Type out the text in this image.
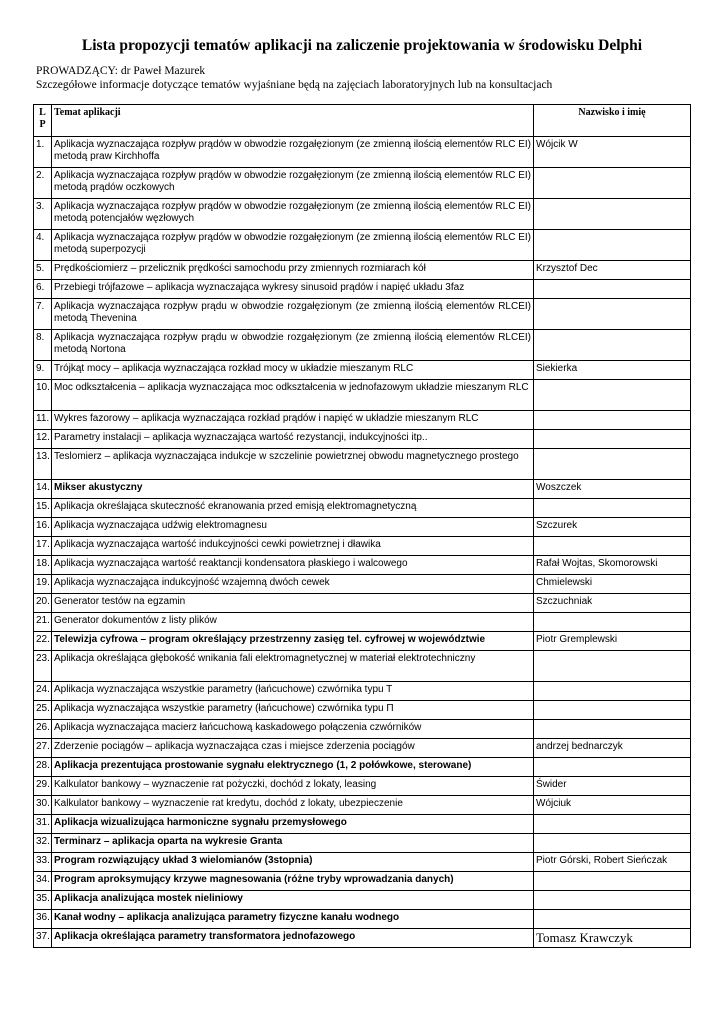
Lista propozycji tematów aplikacji na zaliczenie projektowania w środowisku Delphi
PROWADZĄCY: dr Paweł Mazurek
Szczegółowe informacje dotyczące tematów wyjaśniane będą na zajęciach laboratoryjnych lub na konsultacjach
L
P	Temat aplikacji	Nazwisko i imię
1.	Aplikacja wyznaczająca rozpływ prądów w obwodzie rozgałęzionym (ze zmienną ilością elementów RLC EI) metodą praw Kirchhoffa	Wójcik W
2.	Aplikacja wyznaczająca rozpływ prądów w obwodzie rozgałęzionym (ze zmienną ilością elementów RLC EI) metodą prądów oczkowych	
3.	Aplikacja wyznaczająca rozpływ prądów w obwodzie rozgałęzionym (ze zmienną ilością elementów RLC EI) metodą potencjałów węzłowych	
4.	Aplikacja wyznaczająca rozpływ prądów w obwodzie rozgałęzionym (ze zmienną ilością elementów RLC EI) metodą superpozycji	
5.	Prędkościomierz – przelicznik prędkości samochodu przy zmiennych rozmiarach kół	Krzysztof Dec
6.	Przebiegi trójfazowe – aplikacja wyznaczająca wykresy sinusoid prądów i napięć układu 3faz	
7.	Aplikacja wyznaczająca rozpływ prądu w obwodzie rozgałęzionym (ze zmienną ilością elementów RLCEI) metodą Thevenina	
8.	Aplikacja wyznaczająca rozpływ prądu w obwodzie rozgałęzionym (ze zmienną ilością elementów RLCEI) metodą Nortona	
9.	Trójkąt mocy – aplikacja wyznaczająca rozkład mocy w układzie mieszanym RLC	Siekierka
10.	Moc odkształcenia – aplikacja wyznaczająca moc odkształcenia w jednofazowym układzie mieszanym RLC	
11.	Wykres fazorowy – aplikacja wyznaczająca rozkład prądów i napięć w układzie mieszanym RLC	
12.	Parametry instalacji – aplikacja wyznaczająca wartość rezystancji, indukcyjności itp..	
13.	Teslomierz – aplikacja wyznaczająca indukcje w szczelinie powietrznej obwodu magnetycznego prostego	
14.	Mikser akustyczny	Woszczek
15.	Aplikacja określająca skuteczność ekranowania przed emisją elektromagnetyczną	
16.	Aplikacja wyznaczająca udźwig elektromagnesu	Szczurek
17.	Aplikacja wyznaczająca wartość indukcyjności cewki powietrznej i dławika	
18.	Aplikacja wyznaczająca wartość reaktancji kondensatora płaskiego i walcowego	Rafał Wojtas, Skomorowski
19.	Aplikacja wyznaczająca indukcyjność wzajemną dwóch cewek	Chmielewski
20.	Generator testów na egzamin	Szczuchniak
21.	Generator dokumentów z listy plików	
22.	Telewizja cyfrowa – program określający przestrzenny zasięg tel. cyfrowej w województwie	Piotr Gremplewski
23.	Aplikacja określająca głębokość wnikania fali elektromagnetycznej w materiał elektrotechniczny	
24.	Aplikacja wyznaczająca wszystkie parametry (łańcuchowe) czwórnika typu T	
25.	Aplikacja wyznaczająca wszystkie parametry (łańcuchowe) czwórnika typu Π	
26.	Aplikacja wyznaczająca macierz łańcuchową kaskadowego połączenia czwórników	
27.	Zderzenie pociągów – aplikacja wyznaczająca czas i miejsce zderzenia pociągów	andrzej bednarczyk
28.	Aplikacja prezentująca prostowanie sygnału elektrycznego (1, 2 połówkowe, sterowane)	
29.	Kalkulator bankowy – wyznaczenie rat pożyczki, dochód z lokaty, leasing	Świder
30.	Kalkulator bankowy – wyznaczenie rat kredytu, dochód z lokaty, ubezpieczenie	Wójciuk
31.	Aplikacja wizualizująca harmoniczne sygnału przemysłowego	
32.	Terminarz – aplikacja oparta na wykresie Granta	
33.	Program rozwiązujący układ 3 wielomianów (3stopnia)	Piotr Górski, Robert Sieńczak
34.	Program aproksymujący krzywe magnesowania (różne tryby wprowadzania danych)	
35.	Aplikacja analizująca mostek nieliniowy	
36.	Kanał wodny – aplikacja analizująca parametry fizyczne kanału wodnego	
37.	Aplikacja określająca parametry transformatora jednofazowego	Tomasz Krawczyk
